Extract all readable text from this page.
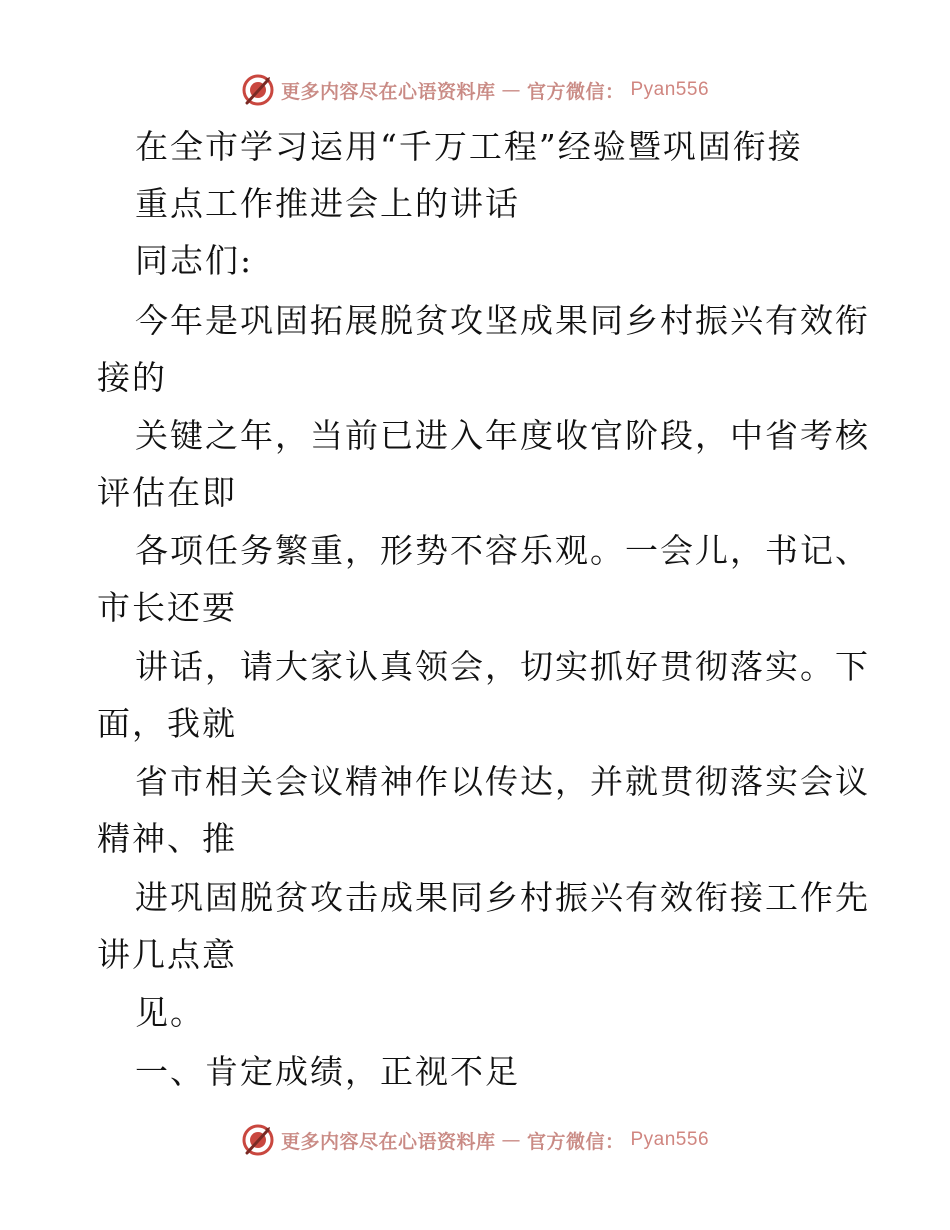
更多内容尽在心语资料库 — 官方微信： Pyan556
在全市学习运用“千万工程”经验暨巩固衔接
重点工作推进会上的讲话
同志们:
今年是巩固拓展脱贫攻坚成果同乡村振兴有效衔
接的
关键之年，当前已进入年度收官阶段，中省考核
评估在即
各项任务繁重，形势不容乐观。一会儿，书记、
市长还要
讲话，请大家认真领会，切实抓好贯彻落实。下
面，我就
省市相关会议精神作以传达，并就贯彻落实会议
精神、推
进巩固脱贫攻击成果同乡村振兴有效衔接工作先
讲几点意
见。
一、肯定成绩，正视不足
更多内容尽在心语资料库 — 官方微信： Pyan556
